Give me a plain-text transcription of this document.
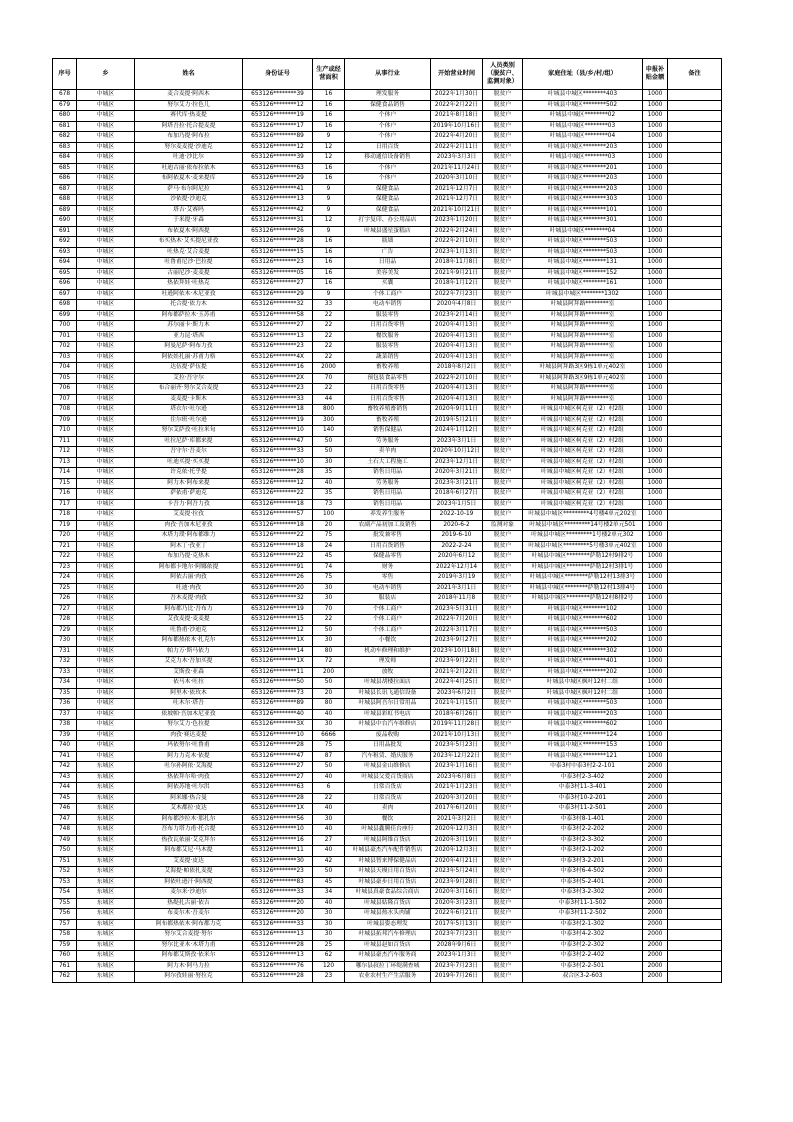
序号	乡	姓名	身份证号	生产或经营面积	从事行业	开始营业时间	人员类别（脱贫户、监测对象）	家庭住址（县/乡/村/组）	申报补贴金额	备注
678	中城区	麦合麦提·阿西木	653126********39	16	理发服务	2022年1月30日	脱贫户	叶城县中城区********403	1000	
679	中城区	努尔艾力·拉色儿	653126********12	16	保健食品销售	2022年2月22日	脱贫户	叶城县中城区********502	1000	
680	中城区	赛代库·热麦提	653126********19	16	个体户	2021年8月18日	脱贫户	叶城县中城区********02	1000	
681	中城区	阿塔吾拉·托合提麦提	653126********17	16	个体户	2019年10月16日	脱贫户	叶城县中城区********03	1000	
682	中城区	布加乃提·阿布拉	653126********89	9	个体户	2022年4月20日	脱贫户	叶城县中城区********04	1000	
683	中城区	努尔麦麦提·沙迪克	653126********12	12	日用百货	2022年2月11日	脱贫户	叶城县中城区********203	1000	
684	中城区	吐迪·沙比尔	653126********39	12	移动通信设备销售	2023年3月3日	脱贫户	叶城县中城区********03	1000	
685	中城区	吐迪古丽·依布拉依木	653126********63	16	个体户	2021年11月24日	脱贫户	叶城县中城区********201	1000	
686	中城区	布阿依夏木·麦来提库	653126********29	16	个体户	2020年3月10日	脱贫户	叶城县中城区********203	1000	
687	中城区	萨马·布尔阿尼拉	653126********41	9	保健食品	2021年12月7日	脱贫户	叶城县中城区********203	1000	
688	中城区	沙依提·沙迪克	653126********13	9	保健食品	2021年12月7日	脱贫户	叶城县中城区********303	1000	
689	中城区	塔吉·艾赛吗	653126********42	9	保健食品	2021年10月21日	脱贫户	叶城县中城区********101	1000	
690	中城区	于米提·牙森	653126********31	12	打字复印、办公用品店	2023年1月20日	脱贫户	叶城县中城区********301	1000	
691	中城区	布依夏木·阿西提	653126********26	9	叶城县盛星蛋糕店	2022年2月24日	脱贫户	叶城县中城区********04	1000	
692	中城区	布买热木·艾买提尼亚孜	653126********28	16	瓶墙	2022年2月10日	脱贫户	叶城县中城区********503	1000	
693	中城区	吐热克·艾合麦提	653126********15	16	广告	2023年1月13日	脱贫户	叶城县中城区********503	1000	
694	中城区	吐鲁甫尼沙·巴拉提	653126********23	16	日用品	2018年11月8日	脱贫户	叶城县中城区********131	1000	
695	中城区	古丽尼沙·麦麦提	653126********05	16	美容美发	2021年9月21日	脱贫户	叶城县中城区********152	1000	
696	中城区	热依拜娃·吐热克	653126********27	16	买囊	2018年1月12日	脱贫户	叶城县中城区********161	1000	
697	中城区	吐逊阿依木·木尼亚孜	653126********29	9	个体工商户	2022年7月23日	脱贫户	叶城县中城区********1302	1000	
698	中城区	托合提·依力木	653126********32	33	电动车销售	2020年4月8日	脱贫户	叶城县阿拜路********室	1000	
699	中城区	阿布都萨拉木·玉苏甫	653126********58	22	服装零售	2023年2月14日	脱贫户	叶城县阿拜路********室	1000	
700	中城区	苏尔丽卡·斯力木	653126********27	22	日用百货零售	2020年4月13日	脱贫户	叶城县阿拜路********室	1000	
701	中城区	亚力昆·塔西	653126********13	22	餐饮服务	2020年4月13日	脱贫户	叶城县阿拜路********室	1000	
702	中城区	阿曼尼萨·阿布力孜	653126********23	22	服装零售	2020年4月13日	脱贫户	叶城县阿拜路********室	1000	
703	中城区	阿依娃扎丽·苏甫力格	653126********4X	22	蔬菜销售	2020年4月13日	脱贫户	叶城县阿拜路********室	1000	
704	中城区	达伍提·萨伍提	653126********16	2000	畜牧养殖	2018年8月2日	脱贫户	叶城县阿拜路3区9栋1单元402室	1000	
705	中城区	艾拉·吾守尔	653126********2X	70	预包装食品零售	2022年2月10日	脱贫户	叶城县阿拜路3区9栋1单元402室	1000	
706	中城区	布合丽齐·努尔艾合麦提	653124********23	22	日用百货零售	2020年4月13日	脱贫户	叶城县阿拜路********室	1000	
707	中城区	麦麦提·卡斯木	653126********33	44	日用百货零售	2020年4月13日	脱贫户	叶城县阿拜路********室	1000	
708	中城区	塔衣尔·吐尔逊	653126********18	800	畜牧养殖畜销售	2020年9月11日	脱贫户	叶城县中城区柯克亚（2）村2组	1000	
709	中城区	住尔班·吐尔逊	653126********19	300	畜牧养殖	2019年5月21日	脱贫户	叶城县中城区柯克亚（2）村2组	1000	
710	中城区	努尔艾萨孜·吐拉米旬	653126********10	140	销售保健品	2024年1月12日	脱贫户	叶城县中城区柯克亚（2）村2组	1000	
711	中城区	吐拉尼萨·库都来提	653126********47	50	劳务服务	2023年3月1日	脱贫户	叶城县中城区柯克亚（2）村2组	1000	
712	中城区	吾守尔·吾麦尔	653126********33	50	卖羊肉	2020年10月12日	脱贫户	叶城县中城区柯克亚（2）村2组	1000	
713	中城区	吐迪买提·买买提	653126********10	30	土石大工程施工	2023年12月1日	脱贫户	叶城县中城区柯克亚（2）村2组	1000	
714	中城区	许克依·托乎提	653126********28	35	销售日用品	2020年3月21日	脱贫户	叶城县中城区柯克亚（2）村2组	1000	
715	中城区	阿力木·阿布来提	653126********12	40	劳务服务	2023年3月21日	脱贫户	叶城县中城区柯克亚（2）村2组	1000	
716	中城区	萨依甫·萨迪克	653126********22	35	销售日用品	2018年6月27日	脱贫户	叶城县中城区柯克亚（2）村2组	1000	
717	中城区	卡吾力·阿吾力孜	653126********18	73	销售日用品	2023年1月5日	脱贫户	叶城县中城区柯克亚（2）村2组	1000	
718	中城区	艾麦提·拉孜	653126********57	100	养发养生服务	2022-10-19	脱贫户	叶城县中城区*********4号楼4单元202室	1000	
719	中城区	肉孜·吾加木尼亚孜	653126********18	20	农副产品初加工及销售	2020-6-2	监测对象	叶城县中城区*********14号楼2单元501	1000	
720	中城区	木塔力璞·阿布都维力	653126********22	75	批发兼零售	2019-6-10	脱贫户	叶城县中城区*********1号楼2单元302	1000	
721	中城区	阿木丁·孜亚丁	653126********18	24	日用百货销售	2022-2-24	脱贫户	叶城县中城区*********5号楼3单元402室	1000	
722	中城区	布加乃提·克热木	653126********22	45	保健品零售	2020年6月12	脱贫户	叶城县中城区********萨勒12村9排2号	1000	
723	中城区	阿布都卡地尔·阿娜依提	653126********91	74	财务	2022年12月14	脱贫户	叶城县中城区********萨勒12村3排1号	1000	
724	中城区	阿依古丽·肉孜	653126********26	75	零售	2019年3月19	脱贫户	叶城县中城区********萨勒12村13排3号	1000	
725	中城区	吐迪·肉孜	653126********20	30	电动车销售	2021年3月1日	脱贫户	叶城县中城区********萨勒12村13排4号	1000	
726	中城区	吾木麦提·肉孜	653126********32	30	服装店	2018年11月8	脱贫户	叶城县中城区********萨勒12村8排2号	1000	
727	中城区	阿布都乃比·吾布力	653126********19	70	个体工商户	2023年5月31日	脱贫户	叶城县中城区********102	1000	
728	中城区	艾孜麦提·麦麦提	653126********15	22	个体工商户	2022年7月20日	脱贫户	叶城县中城区********602	1000	
729	中城区	吐鲁甫·沙迪克	653126********12	50	个体工商户	2022年3月17日	脱贫户	叶城县中城区********503	1000	
730	中城区	阿布都热依木·扎克尔	653126********1X	30	小餐饮	2023年9月27日	脱贫户	叶城县中城区********202	1000	
731	中城区	帕力万·斯马依力	653126********14	80	机动车修理和维护	2023年10月18日	脱贫户	叶城县中城区********302	1000	
732	中城区	艾克力木·吾加买提	653126********1X	72	理发师	2023年9月22日	脱贫户	叶城县中城区********401	1000	
733	中城区	艾斯孜·亚森	653126********11	200	放牧	2021年2月22日	脱贫户	叶城县中城区********202	1000	
734	中城区	依马木·吐拉	653126********50	50	叶城县胡楼拉面店	2022年4月25日	脱贫户	叶城县中城区枫叶12村二组	1000	
735	中城区	阿里木·依玫木	653126********73	20	叶城县长讯飞通信设备	2023年6月2日	脱贫户	叶城县中城区枫叶12村二组	1000	
736	中城区	吐木尔·塔吾	653126********89	80	叶城县阿吾尔日常用品	2021年1月15日	脱贫户	叶城县中城区********503	1000	
737	中城区	依坡帕·吾加木尼亚孜	653126********40	40	叶城县彩虹书电店	2018年6月26日	脱贫户	叶城县中城区********203	1000	
738	中城区	努尔艾力·色拉提	653126********3X	30	叶城县中台汽车维修店	2019年11月28日	脱贫户	叶城县中城区********602	1000	
739	中城区	肉孜·赛达麦提	653126********10	6666	废品收购	2021年10月13日	脱贫户	叶城县中城区********124	1000	
740	中城区	玛依努尔·吐鲁甫	653126********28	75	日用品批发	2023年5月23日	脱贫户	叶城县中城区********153	1000	
741	中城区	阿力力克木·依提	653126********47	87	汽车租赁、婚庆服务	2023年12月22日	脱贫户	叶城县中城区********121	1000	
742	东城区	吐尔孙阿依·艾海提	653126********27	50	叶城县金山维修店	2023年1月16日	脱贫户	中泰3村中泰3村2-2-101	2000	
743	东城区	热依拜尔哈·肉孜	653126********27	40	叶城县父爱百货商店	2023年6月8日	脱贫户	中泰3村2-3-402	2000	
744	东城区	阿依苏地·吐尔洪	653126********63	6	日常百货店	2021年1月23日	脱贫户	中泰3村11-3-401	2000	
745	东城区	阿米娜·热合曼	653126********28	22	日常百货店	2020年3月20日	脱贫户	中泰3村10-2-201	2000	
746	东城区	艾木都拉·皮达	653126********1X	40	卖肉	2017年6月20日	脱贫户	中泰3村11-2-501	2000	
747	东城区	阿布都沙拉木·那扎尔	653126********56	30	餐饮	2021年3月2日	脱贫户	中泰3村8-1-401	2000	
748	东城区	吾布力塔力甫·托合提	653126********10	40	叶城县鑫腾佳台座行	2020年12月3日	脱贫户	中泰3村2-2-202	2000	
749	东城区	热孜瓦依丽·艾克拜尔	653126********16	27	叶城县阿维百货店	2020年3月19日	脱贫户	中泰3村2-3-302	2000	
750	东城区	阿布都艾尼·马木提	653126********11	40	叶城县豪杰汽车配件销售店	2020年12月3日	脱贫户	中泰3村2-1-202	2000	
751	东城区	艾麦提·皮达	653126********30	42	叶城县智来博保健品店	2020年4月21日	脱贫户	中泰3村3-2-201	2000	
752	东城区	艾海提·帕依扎麦提	653126********23	50	叶城县天缦日用百货店	2023年5月24日	脱贫户	中泰3村6-4-502	2000	
753	东城区	阿依吐逊汗·阿西提	653126********83	45	叶城县豪步日用百货店	2023年9月28日	脱贫户	中泰3村5-2-401	2000	
754	东城区	麦尔米·沙迪尔	653126********33	34	叶城县真豪食品综合商店	2020年3月16日	脱贫户	中泰3村3-2-302	2000	
755	东城区	热缇扎古丽·依吉	653126********20	40	叶城县姑隆百货店	2020年3月23日	脱贫户	中泰3村11-1-502	2000	
756	东城区	布麦尔木·吾麦尔	653126********20	30	叶城县热水头肉铺	2022年6月21日	脱贫户	中泰3村11-2-502	2000	
757	东城区	阿布都热依木·阿布都力克	653126********33	30	叶城县姿态理发	2017年5月13日	脱贫户	中泰3村2-1-302	2000	
758	东城区	努尔艾合麦提·努尔	653126********13	30	叶城县拓邦汽车修理店	2023年7月23日	脱贫户	中泰3村4-2-302	2000	
759	东城区	努尔比亚木·木塔力甫	653126********28	25	叶城县赵如百货店	2028年9月6日	脱贫户	中泰3村2-2-302	2000	
760	东城区	阿布都艾斯孜·依米尔	653126********13	62	叶城县豪杰汽车服务商	2023年1月3日	脱贫户	中泰3村2-2-402	2000	
761	东城区	阿力木·阿马力拉	653126********76	120	哪尔县叔拉丁环缇满查城	2023年7月23日	脱贫户	中泰3村2-2-501	2000	
762	东城区	阿尔孜娃丽·努拉克	653126********28	23	农业农村生产生活服务	2019年7月26日	脱贫户	叔合区3-2-603	2000	
